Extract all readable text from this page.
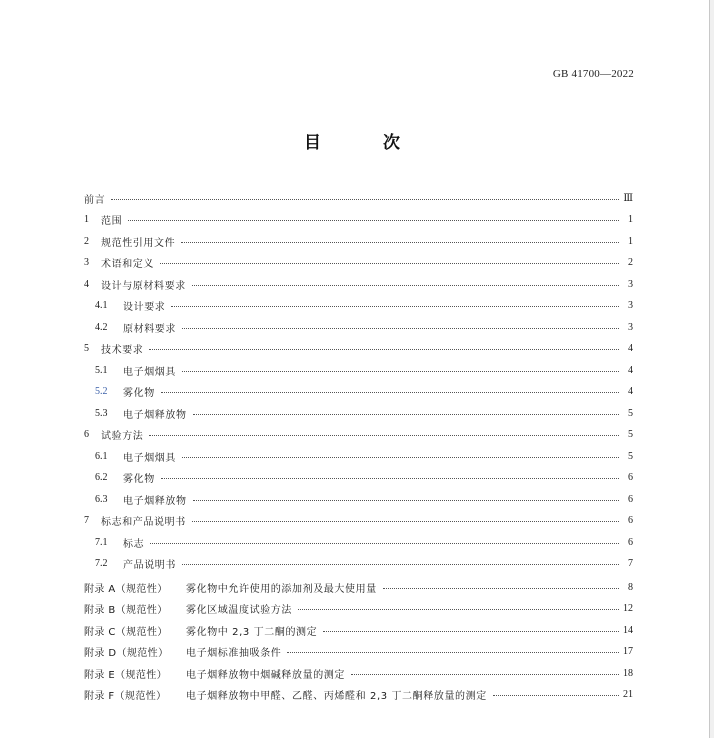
GB 41700—2022
目 次
前言	Ⅲ
1	范围	1
2	规范性引用文件	1
3	术语和定义	2
4	设计与原材料要求	3
4.1	设计要求	3
4.2	原材料要求	3
5	技术要求	4
5.1	电子烟烟具	4
5.2	雾化物	4
5.3	电子烟释放物	5
6	试验方法	5
6.1	电子烟烟具	5
6.2	雾化物	6
6.3	电子烟释放物	6
7	标志和产品说明书	6
7.1	标志	6
7.2	产品说明书	7
附录 A（规范性）	雾化物中允许使用的添加剂及最大使用量	8
附录 B（规范性）	雾化区域温度试验方法	12
附录 C（规范性）	雾化物中 2,3 丁二酮的测定	14
附录 D（规范性）	电子烟标准抽吸条件	17
附录 E（规范性）	电子烟释放物中烟碱释放量的测定	18
附录 F（规范性）	电子烟释放物中甲醛、乙醛、丙烯醛和 2,3 丁二酮释放量的测定	21
